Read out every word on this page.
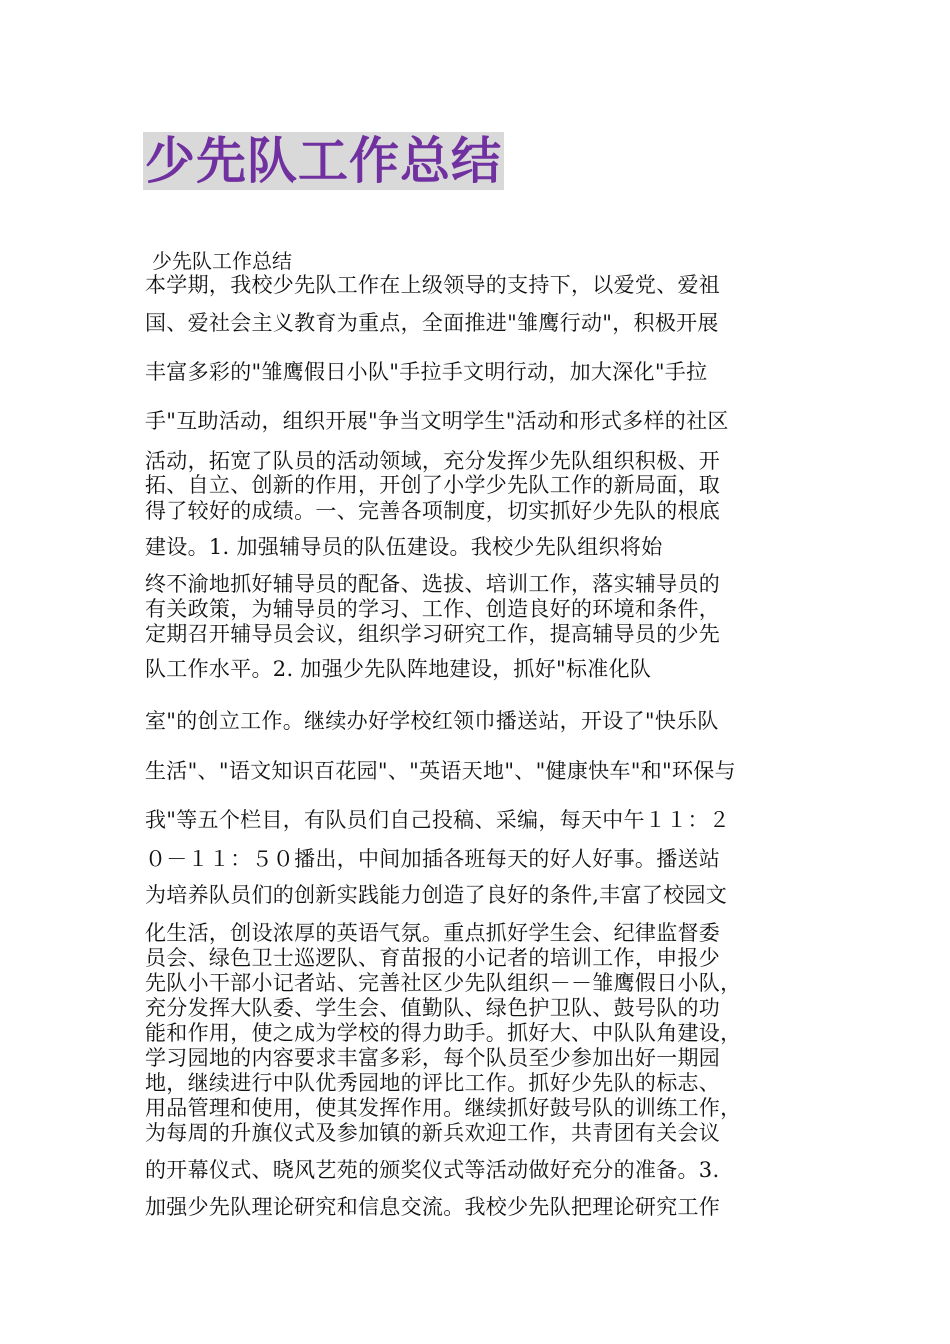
少先队工作总结
少先队工作总结
本学期，我校少先队工作在上级领导的支持下，以爱党、爱祖
国、爱社会主义教育为重点，全面推进"雏鹰行动"，积极开展
丰富多彩的"雏鹰假日小队"手拉手文明行动，加大深化"手拉
手"互助活动，组织开展"争当文明学生"活动和形式多样的社区
活动，拓宽了队员的活动领域，充分发挥少先队组织积极、开
拓、自立、创新的作用，开创了小学少先队工作的新局面，取
得了较好的成绩。一、完善各项制度，切实抓好少先队的根底
建设。1. 加强辅导员的队伍建设。我校少先队组织将始
终不渝地抓好辅导员的配备、选拔、培训工作，落实辅导员的
有关政策，为辅导员的学习、工作、创造良好的环境和条件，
定期召开辅导员会议，组织学习研究工作，提高辅导员的少先
队工作水平。2. 加强少先队阵地建设，抓好"标准化队
室"的创立工作。继续办好学校红领巾播送站，开设了"快乐队
生活"、"语文知识百花园"、"英语天地"、"健康快车"和"环保与
我"等五个栏目，有队员们自己投稿、采编，每天中午１１：２
０－１１：５０播出，中间加插各班每天的好人好事。播送站
为培养队员们的创新实践能力创造了良好的条件,丰富了校园文
化生活，创设浓厚的英语气氛。重点抓好学生会、纪律监督委
员会、绿色卫士巡逻队、育苗报的小记者的培训工作，申报少
先队小干部小记者站、完善社区少先队组织－－雏鹰假日小队，
充分发挥大队委、学生会、值勤队、绿色护卫队、鼓号队的功
能和作用，使之成为学校的得力助手。抓好大、中队队角建设，
学习园地的内容要求丰富多彩，每个队员至少参加出好一期园
地，继续进行中队优秀园地的评比工作。抓好少先队的标志、
用品管理和使用，使其发挥作用。继续抓好鼓号队的训练工作，
为每周的升旗仪式及参加镇的新兵欢迎工作，共青团有关会议
的开幕仪式、晓风艺苑的颁奖仪式等活动做好充分的准备。3.
加强少先队理论研究和信息交流。我校少先队把理论研究工作
